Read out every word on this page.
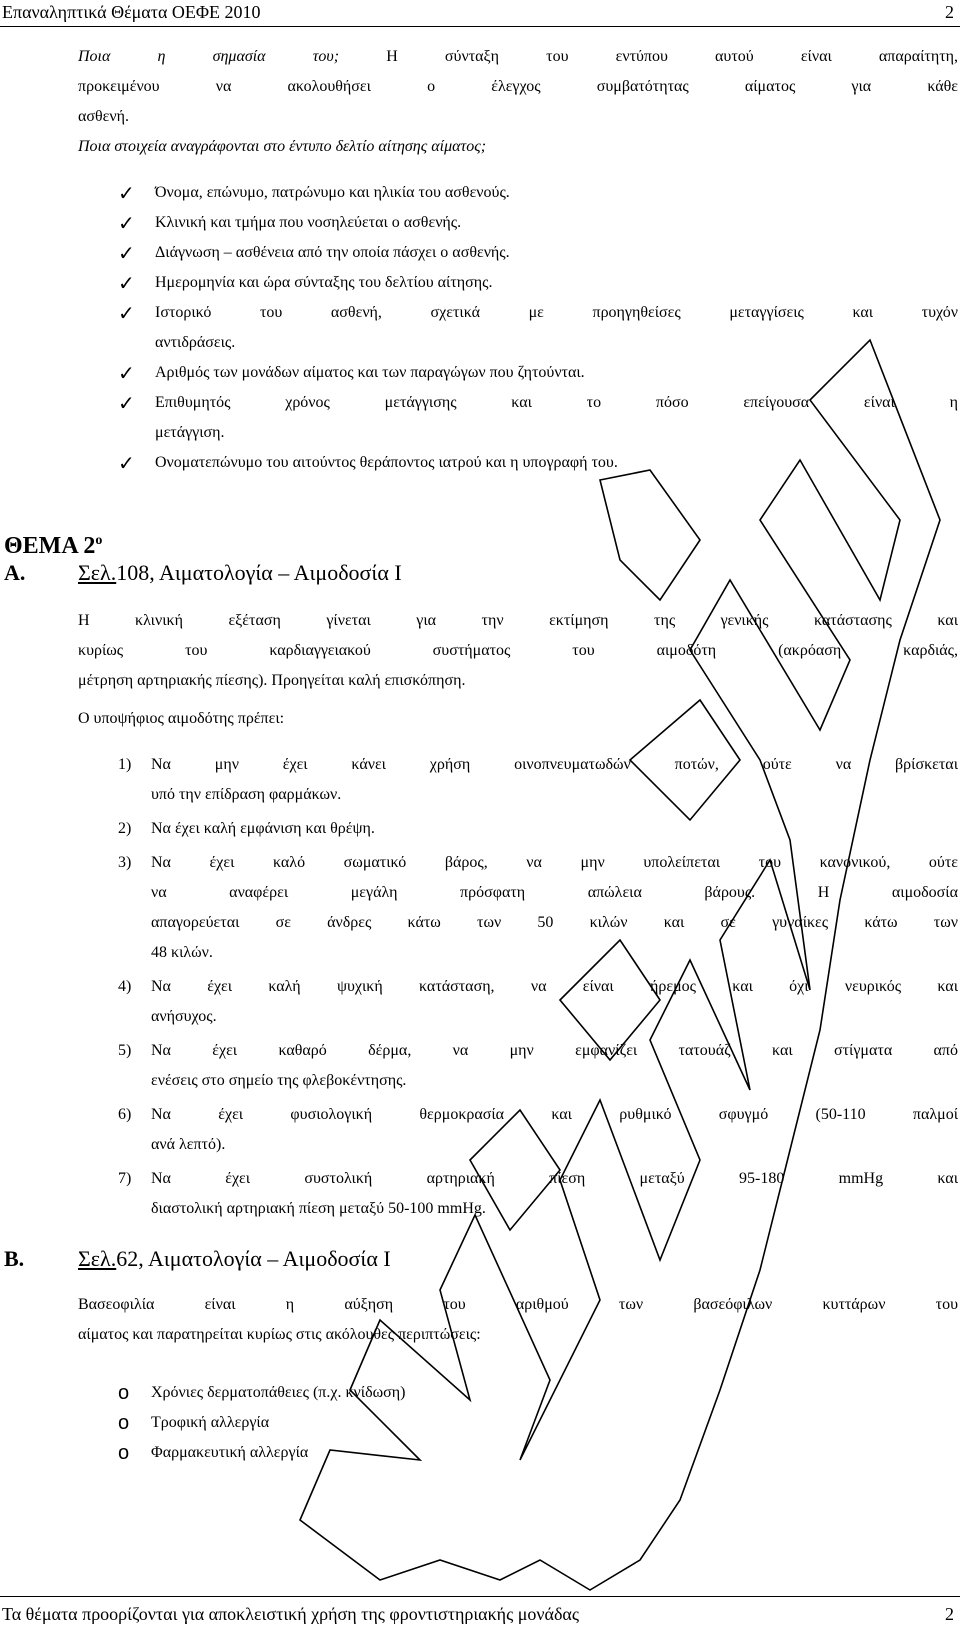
Επαναληπτικά Θέματα ΟΕΦΕ 2010	2
Ποια η σημασία του;	Η σύνταξη του εντύπου αυτού είναι απαραίτητη,
προκειμένου να ακολουθήσει ο έλεγχος συμβατότητας αίματος για κάθε
ασθενή.
Ποια στοιχεία αναγράφονται στο έντυπο δελτίο αίτησης αίματος;
✓	Όνομα, επώνυμο, πατρώνυμο και ηλικία του ασθενούς.
✓	Κλινική και τμήμα που νοσηλεύεται ο ασθενής.
✓	Διάγνωση – ασθένεια από την οποία πάσχει ο ασθενής.
✓	Ημερομηνία και ώρα σύνταξης του δελτίου αίτησης.
✓	Ιστορικό του ασθενή, σχετικά με προηγηθείσες μεταγγίσεις και τυχόν
αντιδράσεις.
✓	Αριθμός των μονάδων αίματος και των παραγώγων που ζητούνται.
✓	Επιθυμητός χρόνος μετάγγισης και το πόσο επείγουσα είναι η
μετάγγιση.
✓	Ονοματεπώνυμο του αιτούντος θεράποντος ιατρού και η υπογραφή του.
ΘΕΜΑ $2^o$
Α. Σελ.108, Αιματολογία – Αιμοδοσία Ι
Η κλινική εξέταση γίνεται για την εκτίμηση της γενικής κατάστασης και
κυρίως του καρδιαγγειακού συστήματος του αιμοδότη (ακρόαση καρδιάς,
μέτρηση αρτηριακής πίεσης). Προηγείται καλή επισκόπηση.
Ο υποψήφιος αιμοδότης πρέπει:
1) Να μην έχει κάνει χρήση οινοπνευματωδών ποτών, ούτε να βρίσκεται
υπό την επίδραση φαρμάκων.
2) Να έχει καλή εμφάνιση και θρέψη.
3) Να έχει καλό σωματικό βάρος, να μην υπολείπεται του κανονικού, ούτε
να αναφέρει μεγάλη πρόσφατη απώλεια βάρους. Η αιμοδοσία
απαγορεύεται σε άνδρες κάτω των 50 κιλών και σε γυναίκες κάτω των
48 κιλών.
4) Να έχει καλή ψυχική κατάσταση, να είναι ήρεμος και όχι νευρικός και
ανήσυχος.
5) Να έχει καθαρό δέρμα, να μην εμφανίζει τατουάζ και στίγματα από
ενέσεις στο σημείο της φλεβοκέντησης.
6) Να έχει φυσιολογική θερμοκρασία και ρυθμικό σφυγμό (50-110 παλμοί
ανά λεπτό).
7) Να έχει συστολική αρτηριακή πίεση μεταξύ 95-180 mmHg και
διαστολική αρτηριακή πίεση μεταξύ 50-100 mmHg.
Β. Σελ.62, Αιματολογία – Αιμοδοσία Ι
Βασεοφιλία είναι η αύξηση του αριθμού των βασεόφιλων κυττάρων του
αίματος και παρατηρείται κυρίως στις ακόλουθες περιπτώσεις:
o Χρόνιες δερματοπάθειες (π.χ. κνίδωση)
o Τροφική αλλεργία
o Φαρμακευτική αλλεργία
Τα θέματα προορίζονται για αποκλειστική χρήση της φροντιστηριακής μονάδας	2
